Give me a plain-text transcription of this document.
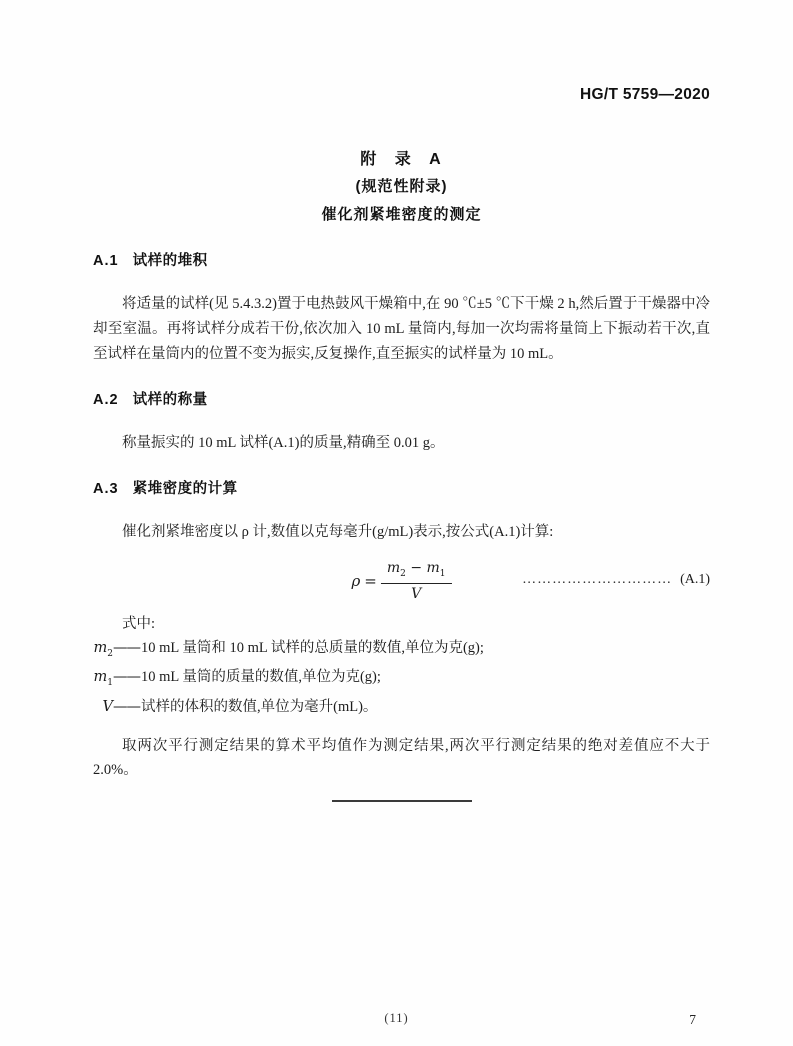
HG/T 5759—2020
附 录 A
(规范性附录)
催化剂紧堆密度的测定
A.1 试样的堆积

将适量的试样(见 5.4.3.2)置于电热鼓风干燥箱中,在 90 ℃±5 ℃下干燥 2 h,然后置于干燥器中冷却至室温。再将试样分成若干份,依次加入 10 mL 量筒内,每加一次均需将量筒上下振动若干次,直至试样在量筒内的位置不变为振实,反复操作,直至振实的试样量为 10 mL。

A.2 试样的称量

称量振实的 10 mL 试样(A.1)的质量,精确至 0.01 g。

A.3 紧堆密度的计算

催化剂紧堆密度以 ρ 计,数值以克每毫升(g/mL)表示,按公式(A.1)计算:

$\rho = \frac{m_2 - m_1}{V}$	………………………… (A.1)
式中:
$m_2——$ 10 mL 量筒和 10 mL 试样的总质量的数值,单位为克(g);
$m_1——$ 10 mL 量筒的质量的数值,单位为克(g);
V—— 试样的体积的数值,单位为毫升(mL)。

取两次平行测定结果的算术平均值作为测定结果,两次平行测定结果的绝对差值应不大于 2.0%。

(11)	7
